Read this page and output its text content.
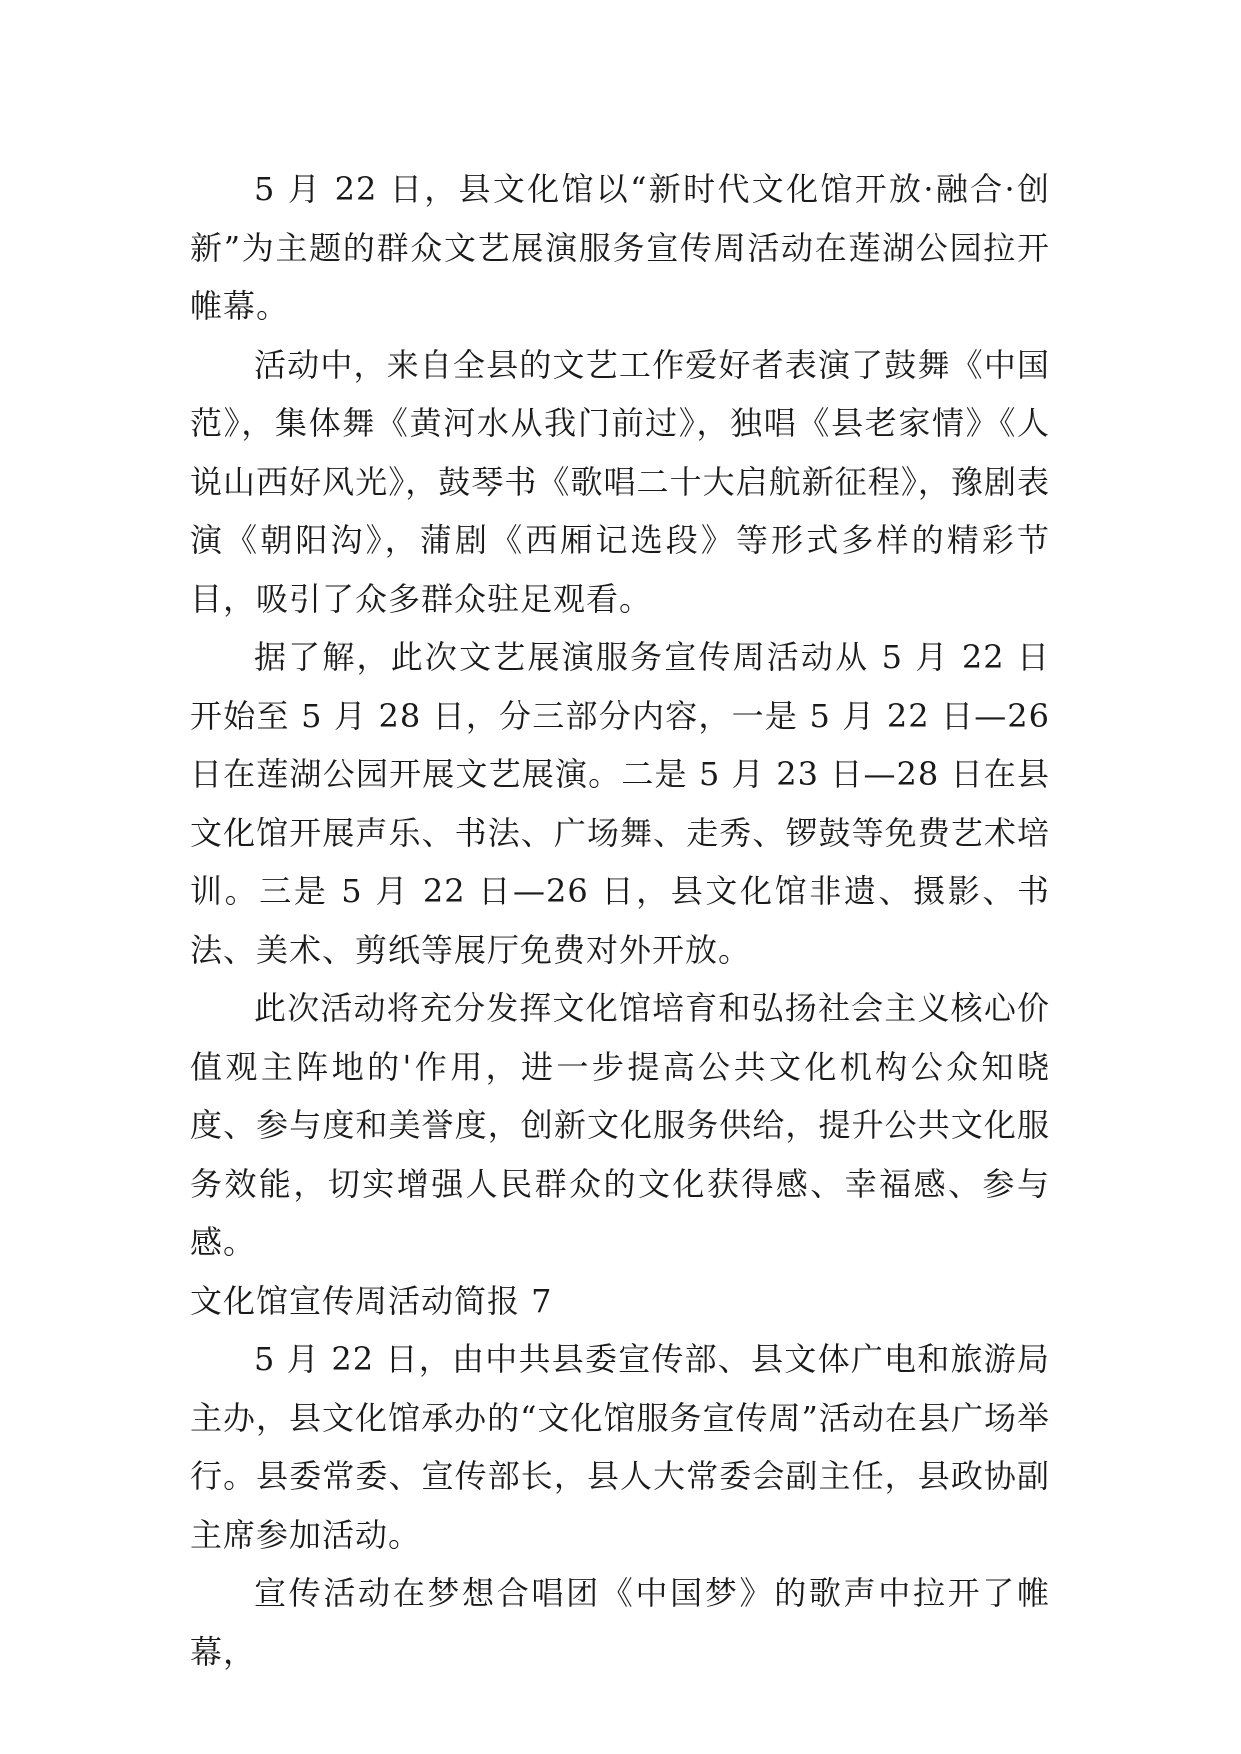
5 月 22 日，县文化馆以“新时代文化馆开放·融合·创新”为主题的群众文艺展演服务宣传周活动在莲湖公园拉开帷幕。

活动中，来自全县的文艺工作爱好者表演了鼓舞《中国范》，集体舞《黄河水从我门前过》，独唱《县老家情》《人说山西好风光》，鼓琴书《歌唱二十大启航新征程》，豫剧表演《朝阳沟》，蒲剧《西厢记选段》等形式多样的精彩节目，吸引了众多群众驻足观看。

据了解，此次文艺展演服务宣传周活动从 5 月 22 日开始至 5 月 28 日，分三部分内容，一是 5 月 22 日—26 日在莲湖公园开展文艺展演。二是 5 月 23 日—28 日在县文化馆开展声乐、书法、广场舞、走秀、锣鼓等免费艺术培训。三是 5 月 22 日—26 日，县文化馆非遗、摄影、书法、美术、剪纸等展厅免费对外开放。

此次活动将充分发挥文化馆培育和弘扬社会主义核心价值观主阵地的'作用，进一步提高公共文化机构公众知晓度、参与度和美誉度，创新文化服务供给，提升公共文化服务效能，切实增强人民群众的文化获得感、幸福感、参与感。

文化馆宣传周活动简报 7

5 月 22 日，由中共县委宣传部、县文体广电和旅游局主办，县文化馆承办的“文化馆服务宣传周”活动在县广场举行。县委常委、宣传部长，县人大常委会副主任，县政协副主席参加活动。

宣传活动在梦想合唱团《中国梦》的歌声中拉开了帷幕，
